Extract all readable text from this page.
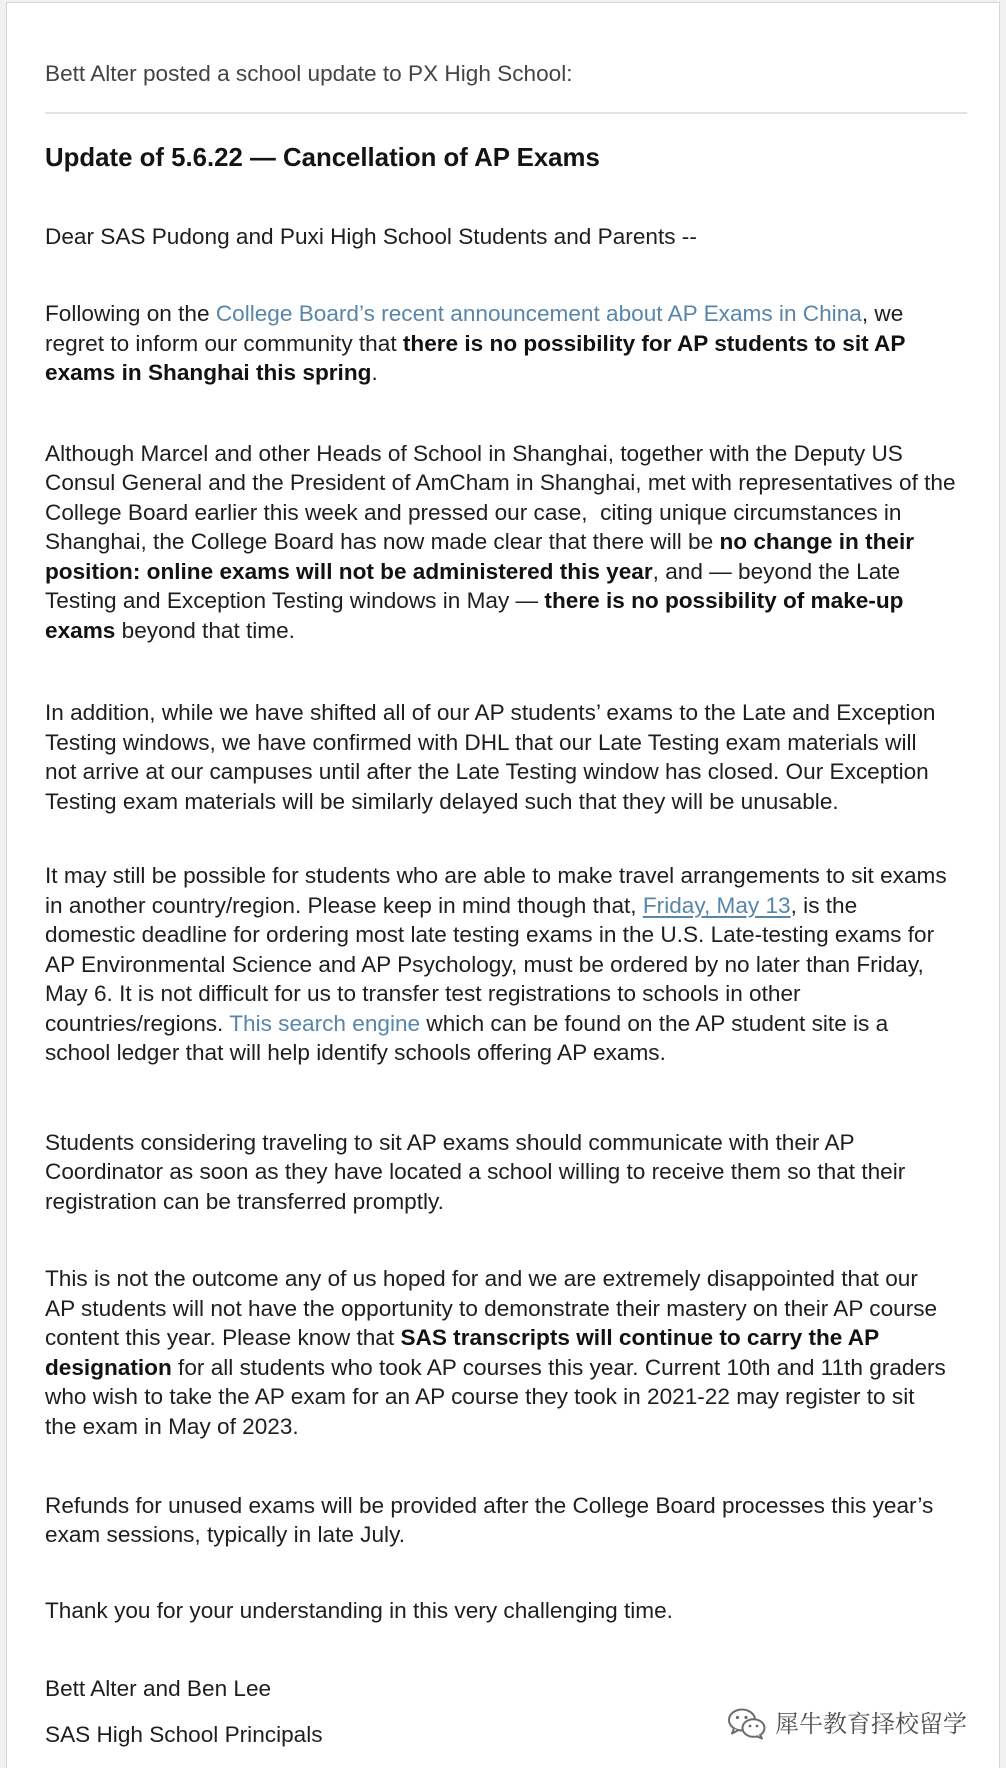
Bett Alter posted a school update to PX High School:
Update of 5.6.22 — Cancellation of AP Exams
Dear SAS Pudong and Puxi High School Students and Parents --
Following on the College Board’s recent announcement about AP Exams in China, we
regret to inform our community that there is no possibility for AP students to sit AP
exams in Shanghai this spring.
Although Marcel and other Heads of School in Shanghai, together with the Deputy US
Consul General and the President of AmCham in Shanghai, met with representatives of the
College Board earlier this week and pressed our case,  citing unique circumstances in
Shanghai, the College Board has now made clear that there will be no change in their
position: online exams will not be administered this year, and — beyond the Late
Testing and Exception Testing windows in May — there is no possibility of make-up
exams beyond that time.
In addition, while we have shifted all of our AP students’ exams to the Late and Exception
Testing windows, we have confirmed with DHL that our Late Testing exam materials will
not arrive at our campuses until after the Late Testing window has closed. Our Exception
Testing exam materials will be similarly delayed such that they will be unusable.
It may still be possible for students who are able to make travel arrangements to sit exams
in another country/region. Please keep in mind though that, Friday, May 13, is the
domestic deadline for ordering most late testing exams in the U.S. Late-testing exams for
AP Environmental Science and AP Psychology, must be ordered by no later than Friday,
May 6. It is not difficult for us to transfer test registrations to schools in other
countries/regions. This search engine which can be found on the AP student site is a
school ledger that will help identify schools offering AP exams.
Students considering traveling to sit AP exams should communicate with their AP
Coordinator as soon as they have located a school willing to receive them so that their
registration can be transferred promptly.
This is not the outcome any of us hoped for and we are extremely disappointed that our
AP students will not have the opportunity to demonstrate their mastery on their AP course
content this year. Please know that SAS transcripts will continue to carry the AP
designation for all students who took AP courses this year. Current 10th and 11th graders
who wish to take the AP exam for an AP course they took in 2021-22 may register to sit
the exam in May of 2023.
Refunds for unused exams will be provided after the College Board processes this year’s
exam sessions, typically in late July.
Thank you for your understanding in this very challenging time.
Bett Alter and Ben Lee
SAS High School Principals	犀牛教育择校留学
